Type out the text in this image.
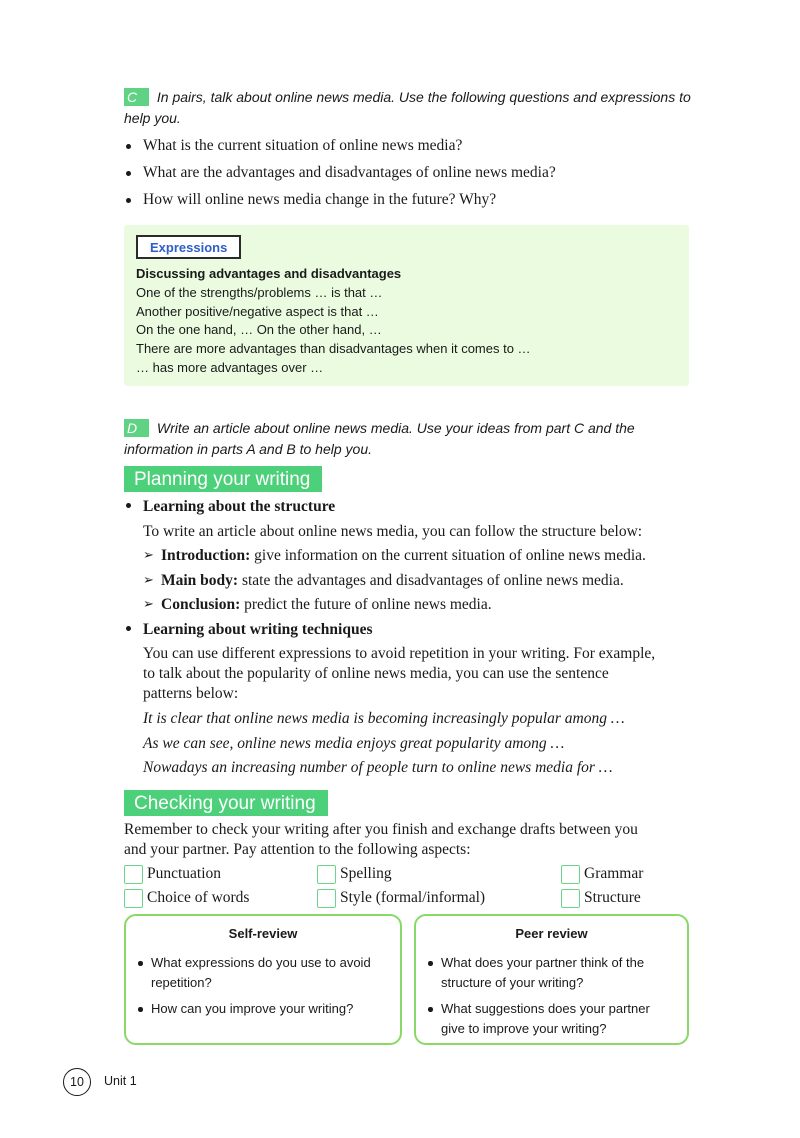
C In pairs, talk about online news media. Use the following questions and expressions to
help you.
What is the current situation of online news media?
What are the advantages and disadvantages of online news media?
How will online news media change in the future? Why?
Expressions
Discussing advantages and disadvantages
One of the strengths/problems … is that …
Another positive/negative aspect is that …
On the one hand, … On the other hand, …
There are more advantages than disadvantages when it comes to …
… has more advantages over …
D Write an article about online news media. Use your ideas from part C and the
information in parts A and B to help you.
Planning your writing
Learning about the structure
To write an article about online news media, you can follow the structure below:
➢ Introduction: give information on the current situation of online news media.
➢ Main body: state the advantages and disadvantages of online news media.
➢ Conclusion: predict the future of online news media.
Learning about writing techniques
You can use different expressions to avoid repetition in your writing. For example,
to talk about the popularity of online news media, you can use the sentence
patterns below:
It is clear that online news media is becoming increasingly popular among …
As we can see, online news media enjoys great popularity among …
Nowadays an increasing number of people turn to online news media for …
Checking your writing
Remember to check your writing after you finish and exchange drafts between you
and your partner. Pay attention to the following aspects:
Punctuation	Spelling	Grammar
Choice of words	Style (formal/informal)	Structure
Self-review
What expressions do you use to avoid repetition?
How can you improve your writing?
Peer review
What does your partner think of the structure of your writing?
What suggestions does your partner give to improve your writing?
10	Unit 1
